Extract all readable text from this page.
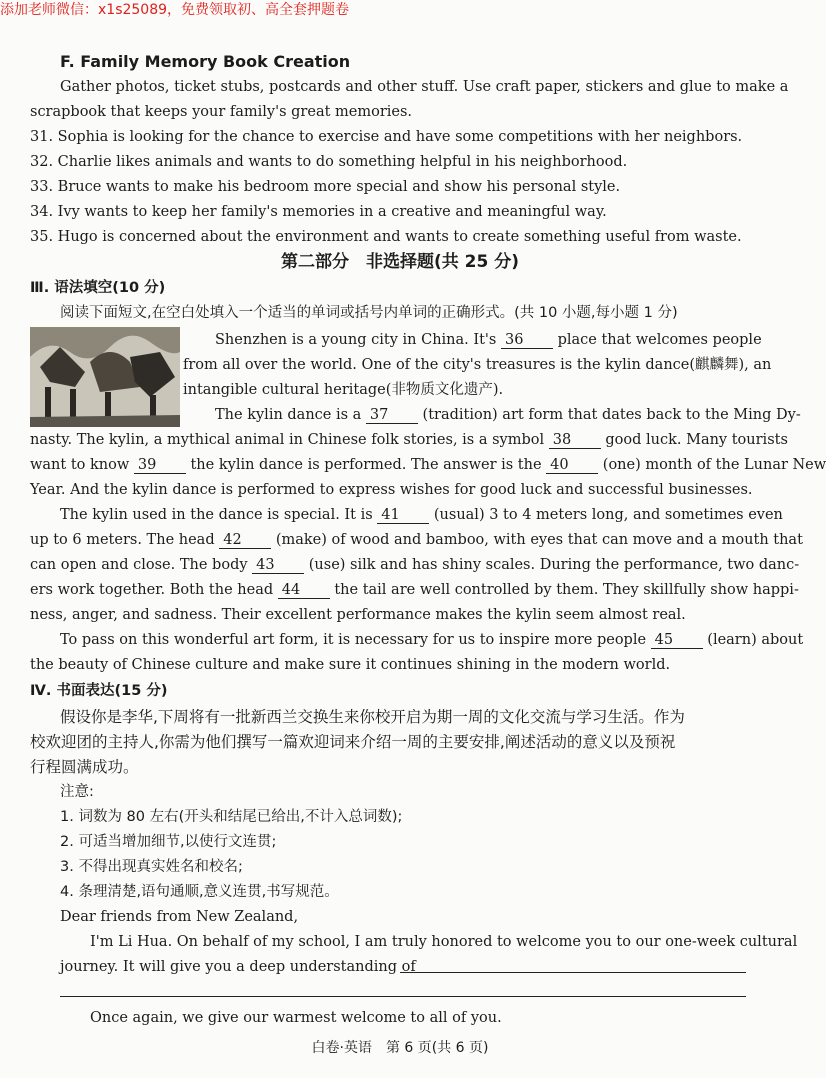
添加老师微信：x1s25089，免费领取初、高全套押题卷
F. Family Memory Book Creation
Gather photos, ticket stubs, postcards and other stuff. Use craft paper, stickers and glue to make a
scrapbook that keeps your family's great memories.
31. Sophia is looking for the chance to exercise and have some competitions with her neighbors.
32. Charlie likes animals and wants to do something helpful in his neighborhood.
33. Bruce wants to make his bedroom more special and show his personal style.
34. Ivy wants to keep her family's memories in a creative and meaningful way.
35. Hugo is concerned about the environment and wants to create something useful from waste.
第二部分　非选择题(共 25 分)
Ⅲ. 语法填空(10 分)
阅读下面短文,在空白处填入一个适当的单词或括号内单词的正确形式。(共 10 小题,每小题 1 分)
Shenzhen is a young city in China. It's 36 place that welcomes people
from all over the world. One of the city's treasures is the kylin dance(麒麟舞), an
intangible cultural heritage(非物质文化遗产).
The kylin dance is a 37 (tradition) art form that dates back to the Ming Dy-
nasty. The kylin, a mythical animal in Chinese folk stories, is a symbol 38 good luck. Many tourists
want to know 39 the kylin dance is performed. The answer is the 40 (one) month of the Lunar New
Year. And the kylin dance is performed to express wishes for good luck and successful businesses.
The kylin used in the dance is special. It is 41 (usual) 3 to 4 meters long, and sometimes even
up to 6 meters. The head 42 (make) of wood and bamboo, with eyes that can move and a mouth that
can open and close. The body 43 (use) silk and has shiny scales. During the performance, two danc-
ers work together. Both the head 44 the tail are well controlled by them. They skillfully show happi-
ness, anger, and sadness. Their excellent performance makes the kylin seem almost real.
To pass on this wonderful art form, it is necessary for us to inspire more people 45 (learn) about
the beauty of Chinese culture and make sure it continues shining in the modern world.
Ⅳ. 书面表达(15 分)
假设你是李华,下周将有一批新西兰交换生来你校开启为期一周的文化交流与学习生活。作为
校欢迎团的主持人,你需为他们撰写一篇欢迎词来介绍一周的主要安排,阐述活动的意义以及预祝
行程圆满成功。
注意:
1. 词数为 80 左右(开头和结尾已给出,不计入总词数);
2. 可适当增加细节,以使行文连贯;
3. 不得出现真实姓名和校名;
4. 条理清楚,语句通顺,意义连贯,书写规范。
Dear friends from New Zealand,
I'm Li Hua. On behalf of my school, I am truly honored to welcome you to our one-week cultural
journey. It will give you a deep understanding of
Once again, we give our warmest welcome to all of you.
白卷·英语　第 6 页(共 6 页)
